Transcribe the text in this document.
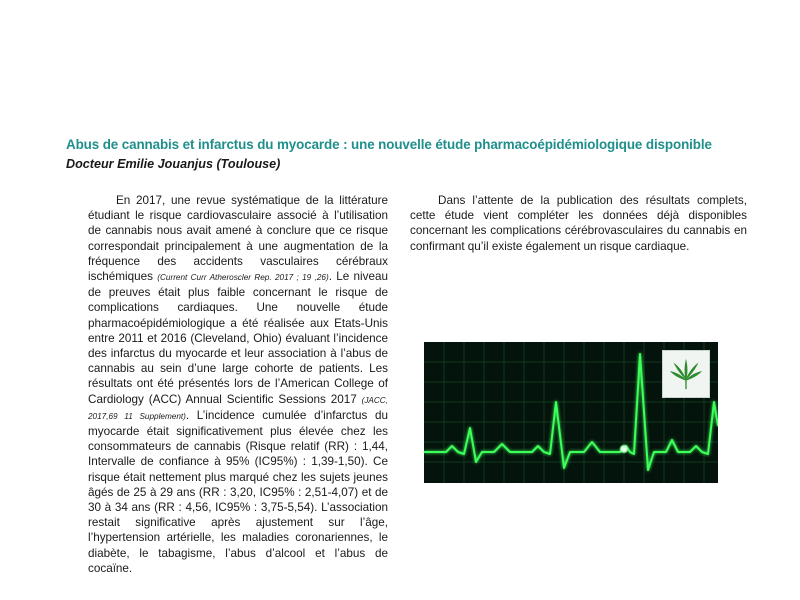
Abus de cannabis et infarctus du myocarde : une nouvelle étude pharmacoépidémiologique disponible
Docteur Emilie Jouanjus (Toulouse)

En 2017, une revue systématique de la littérature étudiant le risque cardiovasculaire associé à l’utilisation de cannabis nous avait amené à conclure que ce risque correspondait principalement à une augmentation de la fréquence des accidents vasculaires cérébraux ischémiques (Current Curr Atheroscler Rep. 2017 ; 19 ,26). Le niveau de preuves était plus faible concernant le risque de complications cardiaques. Une nouvelle étude pharmacoépidémiologique a été réalisée aux Etats-Unis entre 2011 et 2016 (Cleveland, Ohio) évaluant l’incidence des infarctus du myocarde et leur association à l’abus de cannabis au sein d’une large cohorte de patients. Les résultats ont été présentés lors de l’American College of Cardiology (ACC) Annual Scientific Sessions 2017 (JACC, 2017,69 11 Supplement). L’incidence cumulée d’infarctus du myocarde était significativement plus élevée chez les consommateurs de cannabis (Risque relatif (RR) : 1,44, Intervalle de confiance à 95% (IC95%) : 1,39-1,50). Ce risque était nettement plus marqué chez les sujets jeunes âgés de 25 à 29 ans (RR : 3,20, IC95% : 2,51-4,07) et de 30 à 34 ans (RR : 4,56, IC95% : 3,75-5,54). L’association restait significative après ajustement sur l’âge, l’hypertension artérielle, les maladies coronariennes, le diabète, le tabagisme, l’abus d’alcool et l’abus de cocaïne.

Dans l’attente de la publication des résultats complets, cette étude vient compléter les données déjà disponibles concernant les complications cérébrovasculaires du cannabis en confirmant qu’il existe également un risque cardiaque.
